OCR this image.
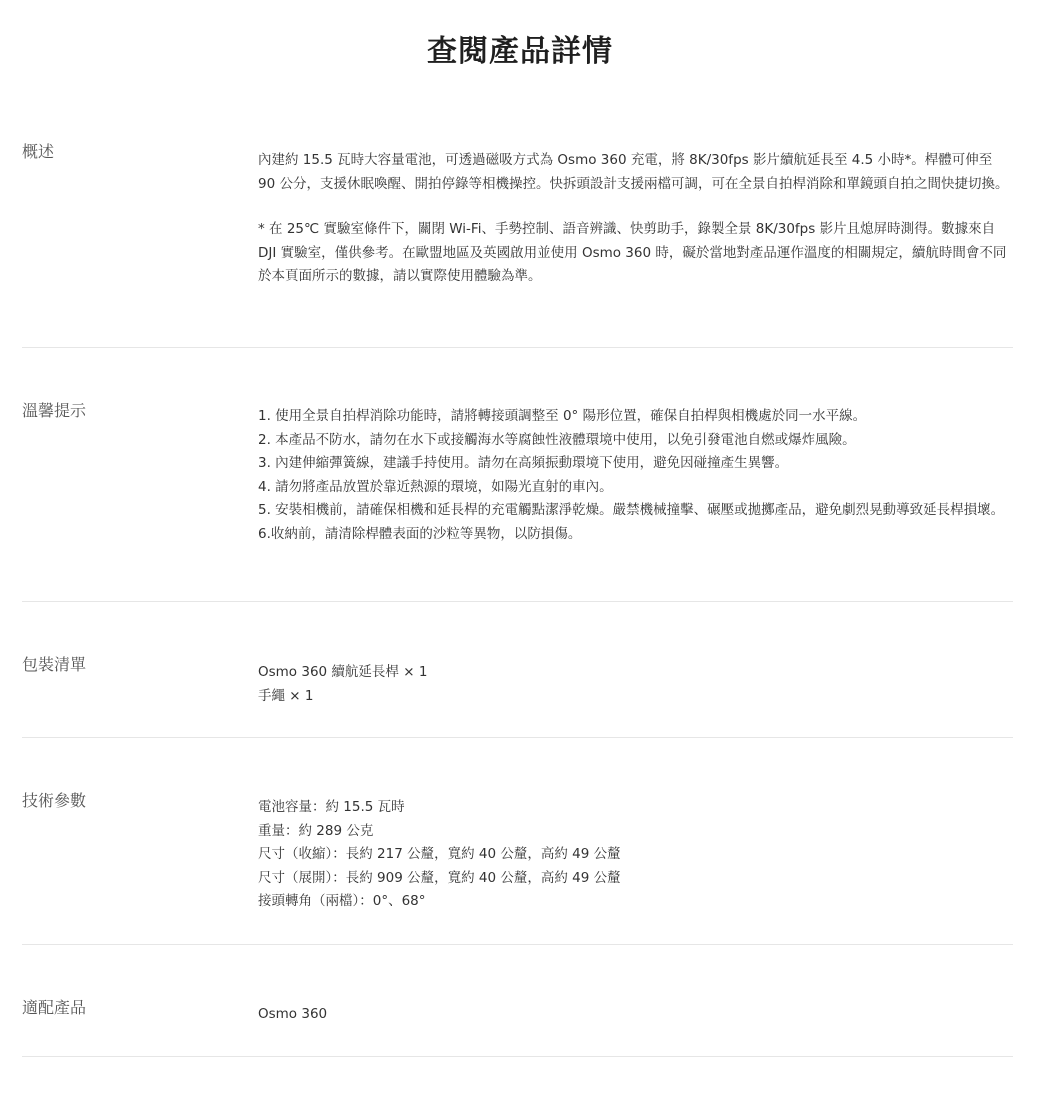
查閱產品詳情
概述	內建約 15.5 瓦時大容量電池，可透過磁吸方式為 Osmo 360 充電，將 8K/30fps 影片續航延長至 4.5 小時*。桿體可伸至 90 公分，支援休眠喚醒、開拍停錄等相機操控。快拆頭設計支援兩檔可調，可在全景自拍桿消除和單鏡頭自拍之間快捷切換。

* 在 25℃ 實驗室條件下，關閉 Wi-Fi、手勢控制、語音辨識、快剪助手，錄製全景 8K/30fps 影片且熄屏時測得。數據來自 DJI 實驗室，僅供參考。在歐盟地區及英國啟用並使用 Osmo 360 時，礙於當地對產品運作溫度的相關規定，續航時間會不同於本頁面所示的數據，請以實際使用體驗為準。

溫馨提示	1. 使用全景自拍桿消除功能時，請將轉接頭調整至 0° 陽形位置，確保自拍桿與相機處於同一水平線。
2. 本產品不防水，請勿在水下或接觸海水等腐蝕性液體環境中使用，以免引發電池自燃或爆炸風險。
3. 內建伸縮彈簧線，建議手持使用。請勿在高頻振動環境下使用，避免因碰撞產生異響。
4. 請勿將產品放置於靠近熱源的環境，如陽光直射的車內。
5. 安裝相機前，請確保相機和延長桿的充電觸點潔淨乾燥。嚴禁機械撞擊、碾壓或拋擲產品，避免劇烈晃動導致延長桿損壞。
6.收納前，請清除桿體表面的沙粒等異物，以防損傷。
包裝清單	Osmo 360 續航延長桿 × 1
手繩 × 1
技術參數	電池容量：約 15.5 瓦時
重量：約 289 公克
尺寸（收縮）：長約 217 公釐，寬約 40 公釐，高約 49 公釐
尺寸（展開）：長約 909 公釐，寬約 40 公釐，高約 49 公釐
接頭轉角（兩檔）：0°、68°
適配產品	Osmo 360
